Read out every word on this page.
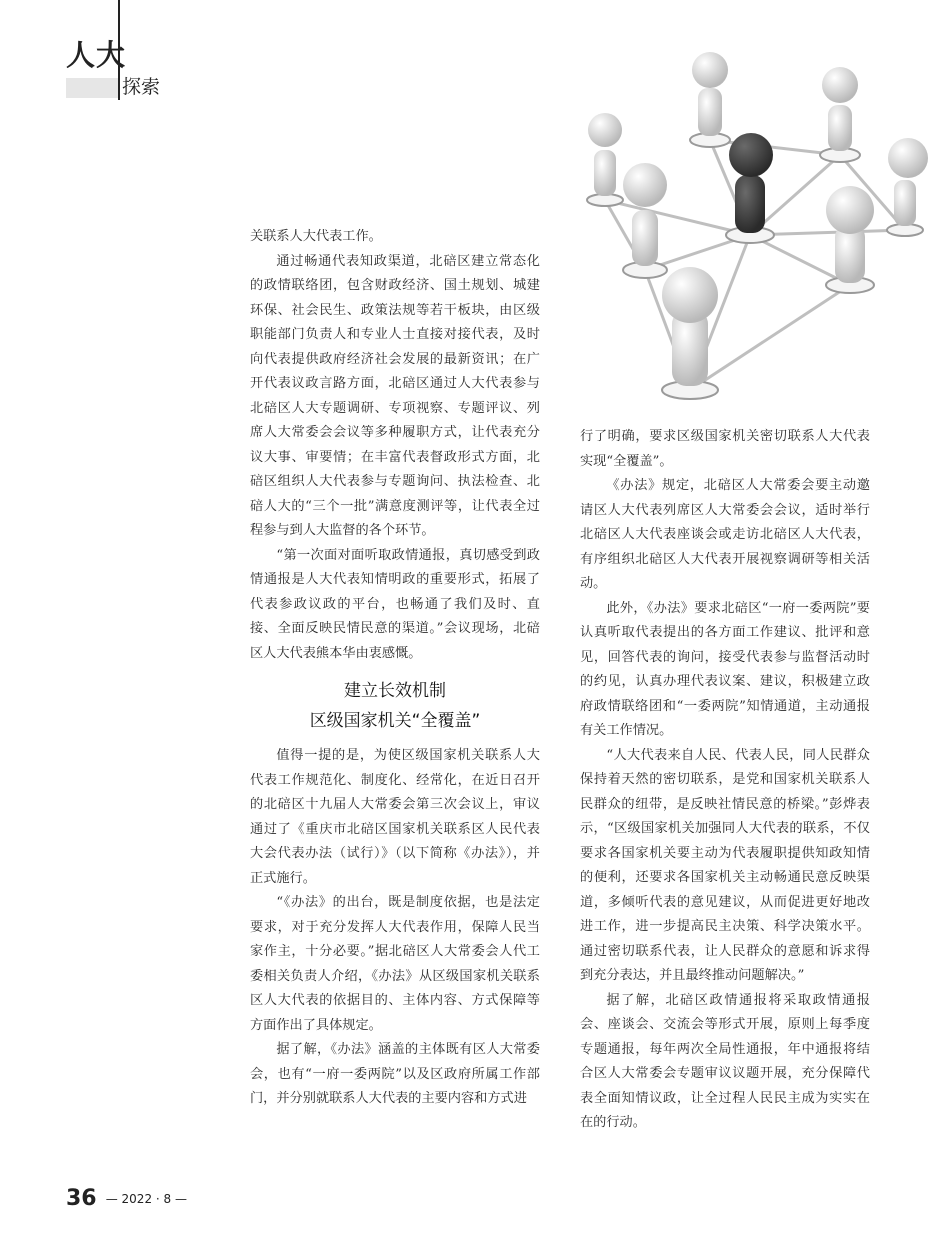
人大
探索

关联系人大代表工作。

通过畅通代表知政渠道，北碚区建立常态化的政情联络团，包含财政经济、国土规划、城建环保、社会民生、政策法规等若干板块，由区级职能部门负责人和专业人士直接对接代表，及时向代表提供政府经济社会发展的最新资讯；在广开代表议政言路方面，北碚区通过人大代表参与北碚区人大专题调研、专项视察、专题评议、列席人大常委会会议等多种履职方式，让代表充分议大事、审要情；在丰富代表督政形式方面，北碚区组织人大代表参与专题询问、执法检查、北碚人大的“三个一批”满意度测评等，让代表全过程参与到人大监督的各个环节。

“第一次面对面听取政情通报，真切感受到政情通报是人大代表知情明政的重要形式，拓展了代表参政议政的平台，也畅通了我们及时、直接、全面反映民情民意的渠道。”会议现场，北碚区人大代表熊本华由衷感慨。

建立长效机制
区级国家机关“全覆盖”

值得一提的是，为使区级国家机关联系人大代表工作规范化、制度化、经常化，在近日召开的北碚区十九届人大常委会第三次会议上，审议通过了《重庆市北碚区国家机关联系区人民代表大会代表办法（试行）》（以下简称《办法》），并正式施行。

“《办法》的出台，既是制度依据，也是法定要求，对于充分发挥人大代表作用，保障人民当家作主，十分必要。”据北碚区人大常委会人代工委相关负责人介绍，《办法》从区级国家机关联系区人大代表的依据目的、主体内容、方式保障等方面作出了具体规定。

据了解，《办法》涵盖的主体既有区人大常委会，也有“一府一委两院”以及区政府所属工作部门，并分别就联系人大代表的主要内容和方式进

行了明确，要求区级国家机关密切联系人大代表实现“全覆盖”。

《办法》规定，北碚区人大常委会要主动邀请区人大代表列席区人大常委会会议，适时举行北碚区人大代表座谈会或走访北碚区人大代表，有序组织北碚区人大代表开展视察调研等相关活动。

此外，《办法》要求北碚区“一府一委两院”要认真听取代表提出的各方面工作建议、批评和意见，回答代表的询问，接受代表参与监督活动时的约见，认真办理代表议案、建议，积极建立政府政情联络团和“一委两院”知情通道，主动通报有关工作情况。

“人大代表来自人民、代表人民，同人民群众保持着天然的密切联系，是党和国家机关联系人民群众的纽带，是反映社情民意的桥梁。”彭烨表示，“区级国家机关加强同人大代表的联系，不仅要求各国家机关要主动为代表履职提供知政知情的便利，还要求各国家机关主动畅通民意反映渠道，多倾听代表的意见建议，从而促进更好地改进工作，进一步提高民主决策、科学决策水平。通过密切联系代表，让人民群众的意愿和诉求得到充分表达，并且最终推动问题解决。”

据了解，北碚区政情通报将采取政情通报会、座谈会、交流会等形式开展，原则上每季度专题通报，每年两次全局性通报，年中通报将结合区人大常委会专题审议议题开展，充分保障代表全面知情议政，让全过程人民民主成为实实在在的行动。

36 — 2022 · 8 —
